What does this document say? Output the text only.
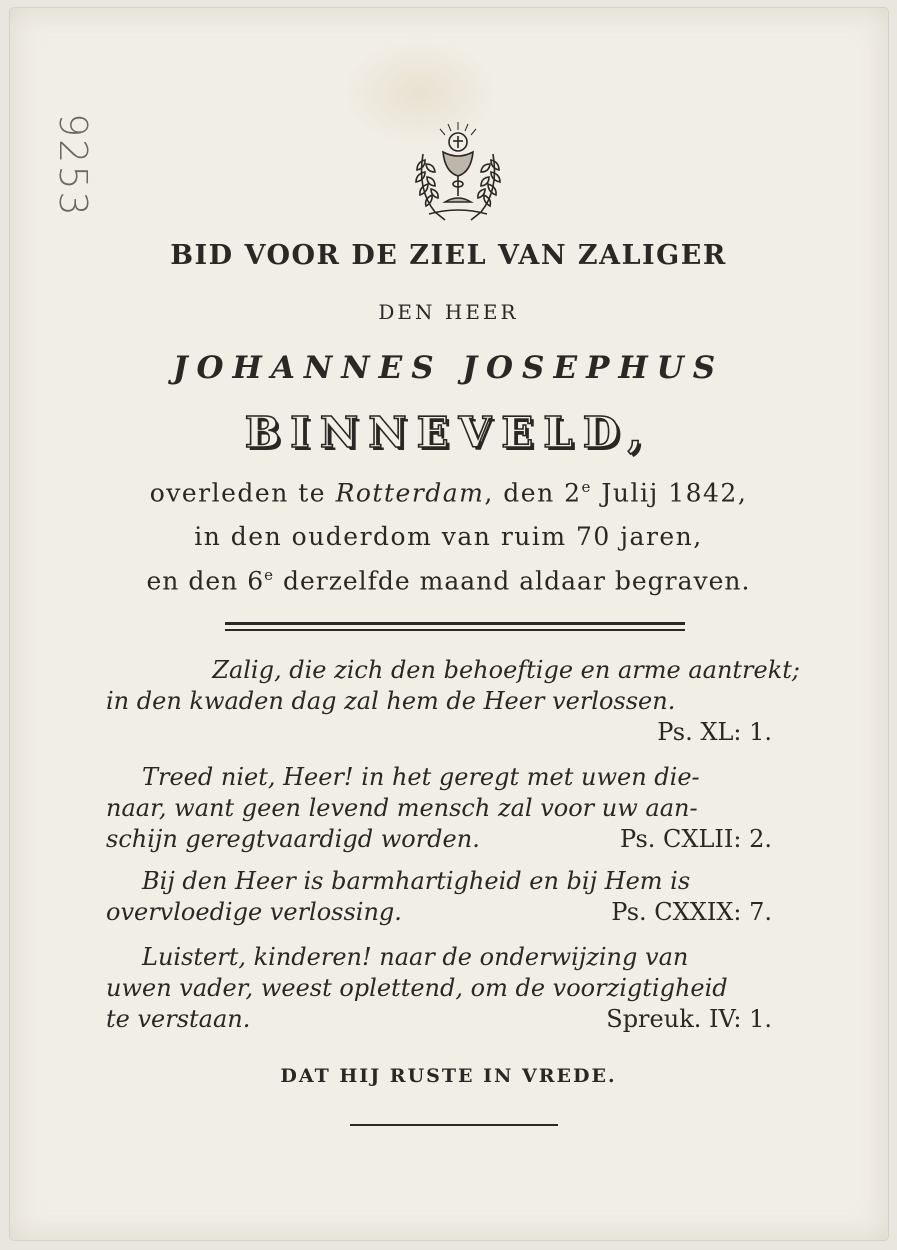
9253
BID VOOR DE ZIEL VAN ZALIGER
DEN HEER
JOHANNES JOSEPHUS
BINNEVELD,
overleden te Rotterdam, den 2e Julij 1842,
in den ouderdom van ruim 70 jaren,
en den 6e derzelfde maand aldaar begraven.
Zalig, die zich den behoeftige en arme aantrekt;
in den kwaden dag zal hem de Heer verlossen.
Ps. XL: 1.
Treed niet, Heer! in het geregt met uwen die-
naar, want geen levend mensch zal voor uw aan-
schijn geregtvaardigd worden.	Ps. CXLII: 2.
Bij den Heer is barmhartigheid en bij Hem is
overvloedige verlossing.	Ps. CXXIX: 7.
Luistert, kinderen! naar de onderwijzing van
uwen vader, weest oplettend, om de voorzigtigheid
te verstaan.	Spreuk. IV: 1.
DAT HIJ RUSTE IN VREDE.
